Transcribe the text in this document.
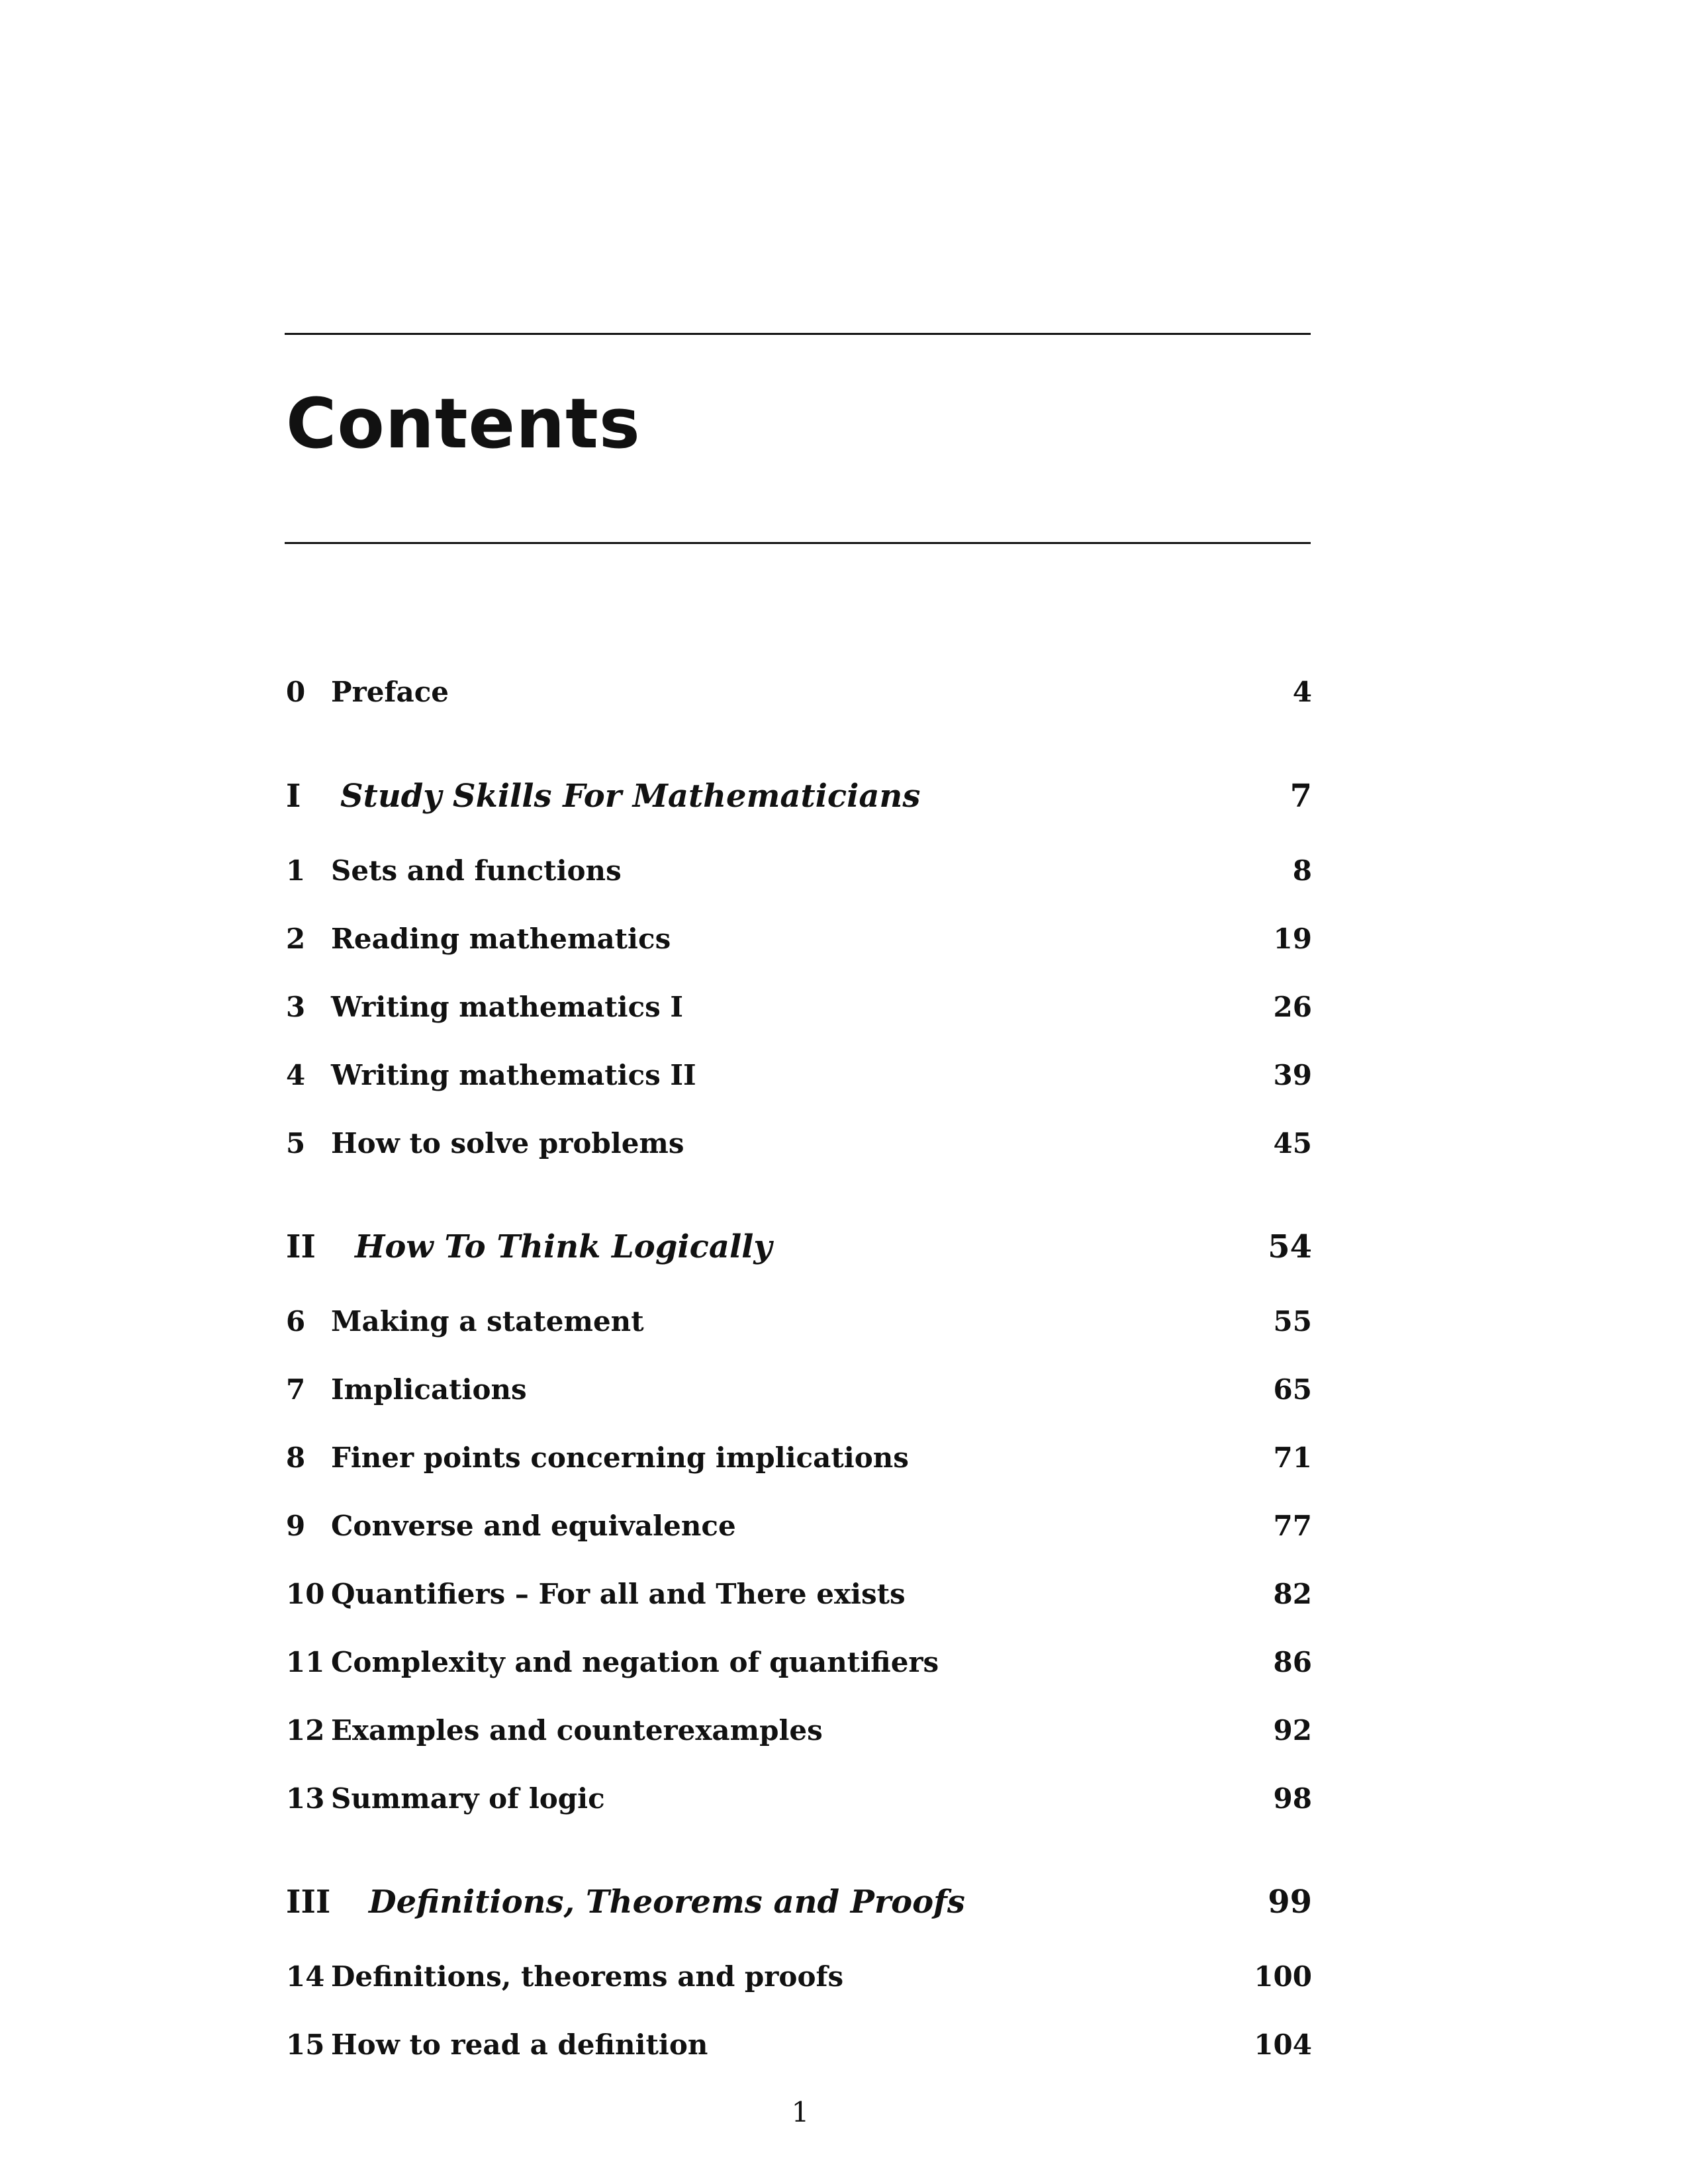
Contents
0 Preface	4
I Study Skills For Mathematicians	7
1 Sets and functions	8
2 Reading mathematics	19
3 Writing mathematics I	26
4 Writing mathematics II	39
5 How to solve problems	45
II How To Think Logically	54
6 Making a statement	55
7 Implications	65
8 Finer points concerning implications	71
9 Converse and equivalence	77
10 Quantifiers – For all and There exists	82
11 Complexity and negation of quantifiers	86
12 Examples and counterexamples	92
13 Summary of logic	98
III Definitions, Theorems and Proofs	99
14 Definitions, theorems and proofs	100
15 How to read a definition	104
1
